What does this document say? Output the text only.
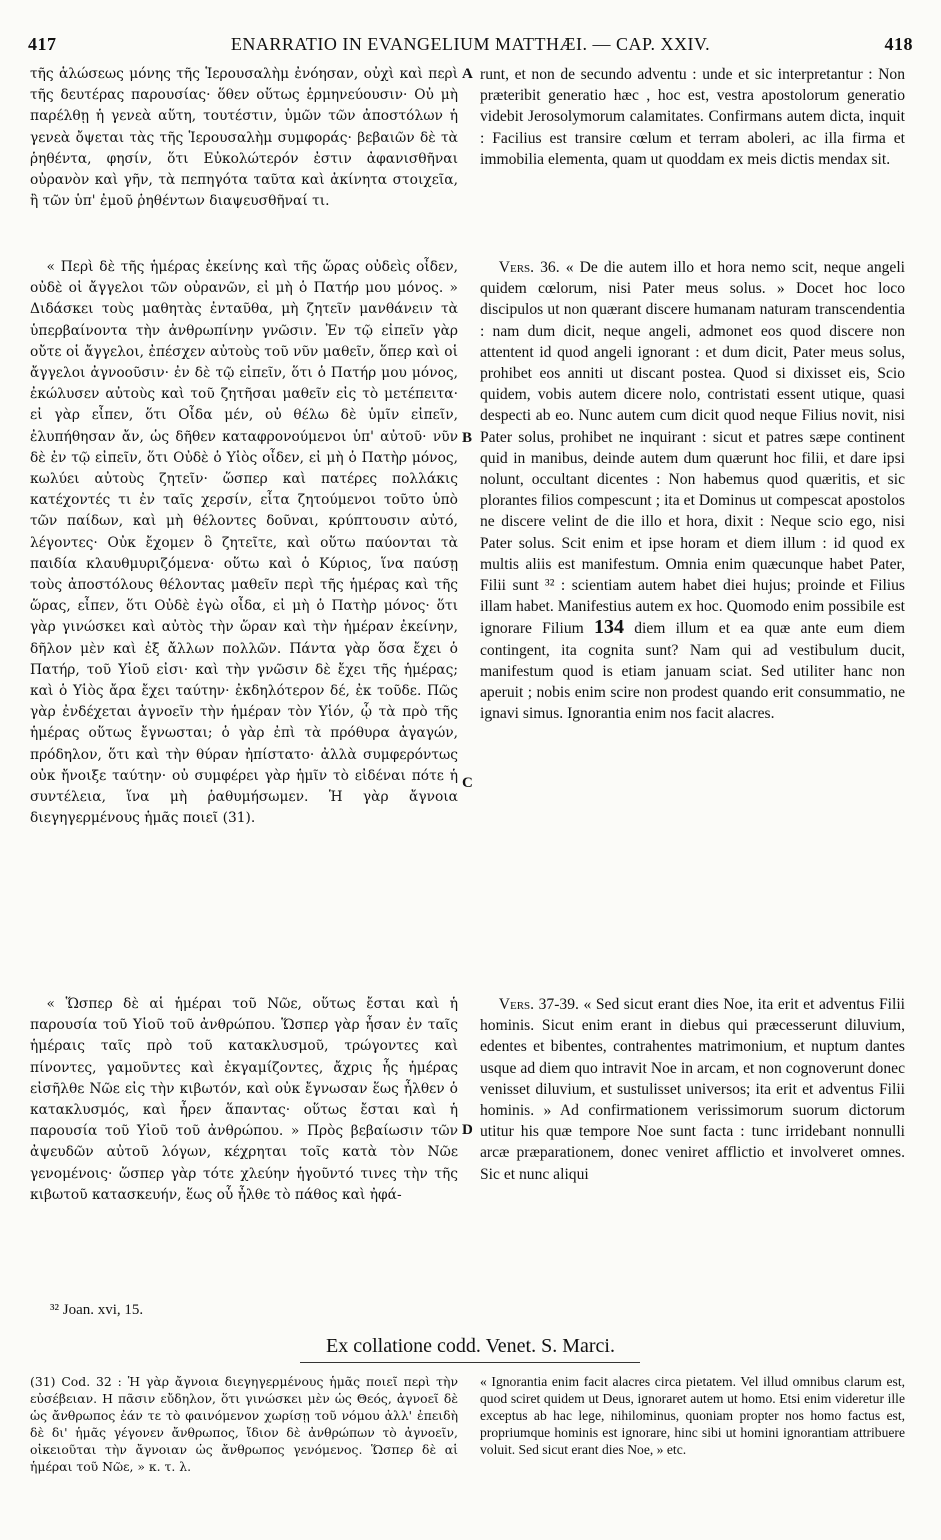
417	ENARRATIO IN EVANGELIUM MATTHÆI. — CAP. XXIV.	418
A
B
C
D

τῆς ἁλώσεως μόνης τῆς Ἱερουσαλὴμ ἐνόησαν, οὐχὶ καὶ περὶ τῆς δευτέρας παρουσίας· ὅθεν οὕτως ἑρμηνεύουσιν· Οὐ μὴ παρέλθῃ ἡ γενεὰ αὕτη, τουτέστιν, ὑμῶν τῶν ἀποστόλων ἡ γενεὰ ὄψεται τὰς τῆς Ἱερουσαλὴμ συμφοράς· βεβαιῶν δὲ τὰ ῥηθέντα, φησίν, ὅτι Εὐκολώτερόν ἐστιν ἀφανισθῆναι οὐρανὸν καὶ γῆν, τὰ πεπηγότα ταῦτα καὶ ἀκίνητα στοιχεῖα, ἢ τῶν ὑπ' ἐμοῦ ῥηθέντων διαψευσθῆναί τι.

« Περὶ δὲ τῆς ἡμέρας ἐκείνης καὶ τῆς ὥρας οὐδεὶς οἶδεν, οὐδὲ οἱ ἄγγελοι τῶν οὐρανῶν, εἰ μὴ ὁ Πατήρ μου μόνος. » Διδάσκει τοὺς μαθητὰς ἐνταῦθα, μὴ ζητεῖν μανθάνειν τὰ ὑπερβαίνοντα τὴν ἀνθρωπίνην γνῶσιν. Ἐν τῷ εἰπεῖν γὰρ οὔτε οἱ ἄγγελοι, ἐπέσχεν αὐτοὺς τοῦ νῦν μαθεῖν, ὅπερ καὶ οἱ ἄγγελοι ἀγνοοῦσιν· ἐν δὲ τῷ εἰπεῖν, ὅτι ὁ Πατήρ μου μόνος, ἐκώλυσεν αὐτοὺς καὶ τοῦ ζητῆσαι μαθεῖν εἰς τὸ μετέπειτα· εἰ γὰρ εἶπεν, ὅτι Οἶδα μέν, οὐ θέλω δὲ ὑμῖν εἰπεῖν, ἐλυπήθησαν ἄν, ὡς δῆθεν καταφρονούμενοι ὑπ' αὐτοῦ· νῦν δὲ ἐν τῷ εἰπεῖν, ὅτι Οὐδὲ ὁ Υἱὸς οἶδεν, εἰ μὴ ὁ Πατὴρ μόνος, κωλύει αὐτοὺς ζητεῖν· ὥσπερ καὶ πατέρες πολλάκις κατέχοντές τι ἐν ταῖς χερσίν, εἶτα ζητούμενοι τοῦτο ὑπὸ τῶν παίδων, καὶ μὴ θέλοντες δοῦναι, κρύπτουσιν αὐτό, λέγοντες· Οὐκ ἔχομεν ὃ ζητεῖτε, καὶ οὕτω παύονται τὰ παιδία κλαυθμυριζόμενα· οὕτω καὶ ὁ Κύριος, ἵνα παύσῃ τοὺς ἀποστόλους θέλοντας μαθεῖν περὶ τῆς ἡμέρας καὶ τῆς ὥρας, εἶπεν, ὅτι Οὐδὲ ἐγὼ οἶδα, εἰ μὴ ὁ Πατὴρ μόνος· ὅτι γὰρ γινώσκει καὶ αὐτὸς τὴν ὥραν καὶ τὴν ἡμέραν ἐκείνην, δῆλον μὲν καὶ ἐξ ἄλλων πολλῶν. Πάντα γὰρ ὅσα ἔχει ὁ Πατήρ, τοῦ Υἱοῦ εἰσι· καὶ τὴν γνῶσιν δὲ ἔχει τῆς ἡμέρας; καὶ ὁ Υἱὸς ἄρα ἔχει ταύτην· ἐκδηλότερον δέ, ἐκ τοῦδε. Πῶς γὰρ ἐνδέχεται ἀγνοεῖν τὴν ἡμέραν τὸν Υἱόν, ᾧ τὰ πρὸ τῆς ἡμέρας οὕτως ἔγνωσται; ὁ γὰρ ἐπὶ τὰ πρόθυρα ἀγαγών, πρόδηλον, ὅτι καὶ τὴν θύραν ἠπίστατο· ἀλλὰ συμφερόντως οὐκ ἤνοιξε ταύτην· οὐ συμφέρει γὰρ ἡμῖν τὸ εἰδέναι πότε ἡ συντέλεια, ἵνα μὴ ῥαθυμήσωμεν. Ἡ γὰρ ἄγνοια διεγηγερμένους ἡμᾶς ποιεῖ (31).

« Ὥσπερ δὲ αἱ ἡμέραι τοῦ Νῶε, οὕτως ἔσται καὶ ἡ παρουσία τοῦ Υἱοῦ τοῦ ἀνθρώπου. Ὥσπερ γὰρ ἦσαν ἐν ταῖς ἡμέραις ταῖς πρὸ τοῦ κατακλυσμοῦ, τρώγοντες καὶ πίνοντες, γαμοῦντες καὶ ἐκγαμίζοντες, ἄχρις ἧς ἡμέρας εἰσῆλθε Νῶε εἰς τὴν κιβωτόν, καὶ οὐκ ἔγνωσαν ἕως ἦλθεν ὁ κατακλυσμός, καὶ ἦρεν ἅπαντας· οὕτως ἔσται καὶ ἡ παρουσία τοῦ Υἱοῦ τοῦ ἀνθρώπου. » Πρὸς βεβαίωσιν τῶν ἀψευδῶν αὐτοῦ λόγων, κέχρηται τοῖς κατὰ τὸν Νῶε γενομένοις· ὥσπερ γὰρ τότε χλεύην ἡγοῦντό τινες τὴν τῆς κιβωτοῦ κατασκευήν, ἕως οὗ ἦλθε τὸ πάθος καὶ ἠφά-

runt, et non de secundo adventu : unde et sic interpretantur : Non præteribit generatio hæc , hoc est, vestra apostolorum generatio videbit Jerosolymorum calamitates. Confirmans autem dicta, inquit : Facilius est transire cœlum et terram aboleri, ac illa firma et immobilia elementa, quam ut quoddam ex meis dictis mendax sit.

Vers. 36. « De die autem illo et hora nemo scit, neque angeli quidem cœlorum, nisi Pater meus solus. » Docet hoc loco discipulos ut non quærant discere humanam naturam transcendentia : nam dum dicit, neque angeli, admonet eos quod discere non attentent id quod angeli ignorant : et dum dicit, Pater meus solus, prohibet eos anniti ut discant postea. Quod si dixisset eis, Scio quidem, vobis autem dicere nolo, contristati essent utique, quasi despecti ab eo. Nunc autem cum dicit quod neque Filius novit, nisi Pater solus, prohibet ne inquirant : sicut et patres sæpe continent quid in manibus, deinde autem dum quærunt hoc filii, et dare ipsi nolunt, occultant dicentes : Non habemus quod quæritis, et sic plorantes filios compescunt ; ita et Dominus ut compescat apostolos ne discere velint de die illo et hora, dixit : Neque scio ego, nisi Pater solus. Scit enim et ipse horam et diem illum : id quod ex multis aliis est manifestum. Omnia enim quæcunque habet Pater, Filii sunt ³² : scientiam autem habet diei hujus; proinde et Filius illam habet. Manifestius autem ex hoc. Quomodo enim possibile est ignorare Filium 134 diem illum et ea quæ ante eum diem contingent, ita cognita sunt? Nam qui ad vestibulum ducit, manifestum quod is etiam januam sciat. Sed utiliter hanc non aperuit ; nobis enim scire non prodest quando erit consummatio, ne ignavi simus. Ignorantia enim nos facit alacres.

Vers. 37-39. « Sed sicut erant dies Noe, ita erit et adventus Filii hominis. Sicut enim erant in diebus qui præcesserunt diluvium, edentes et bibentes, contrahentes matrimonium, et nuptum dantes usque ad diem quo intravit Noe in arcam, et non cognoverunt donec venisset diluvium, et sustulisset universos; ita erit et adventus Filii hominis. » Ad confirmationem verissimorum suorum dictorum utitur his quæ tempore Noe sunt facta : tunc irridebant nonnulli arcæ præparationem, donec veniret afflictio et involveret omnes. Sic et nunc aliqui

³² Joan. xvi, 15.
Ex collatione codd. Venet. S. Marci.
(31) Cod. 32 : Ἡ γὰρ ἄγνοια διεγηγερμένους ἡμᾶς ποιεῖ περὶ τὴν εὐσέβειαν. Η πᾶσιν εὔδηλον, ὅτι γινώσκει μὲν ὡς Θεός, ἀγνοεῖ δὲ ὡς ἄνθρωπος ἐάν τε τὸ φαινόμενον χωρίσῃ τοῦ νόμου ἀλλ' ἐπειδὴ δὲ δι' ἡμᾶς γέγονεν ἄνθρωπος, ἴδιον δὲ ἀνθρώπων τὸ ἀγνοεῖν, οἰκειοῦται τὴν ἄγνοιαν ὡς ἄνθρωπος γενόμενος. Ὥσπερ δὲ αἱ ἡμέραι τοῦ Νῶε, » κ. τ. λ.
« Ignorantia enim facit alacres circa pietatem. Vel illud omnibus clarum est, quod sciret quidem ut Deus, ignoraret autem ut homo. Etsi enim videretur ille exceptus ab hac lege, nihilominus, quoniam propter nos homo factus est, propriumque hominis est ignorare, hinc sibi ut homini ignorantiam attribuere voluit. Sed sicut erant dies Noe, » etc.
